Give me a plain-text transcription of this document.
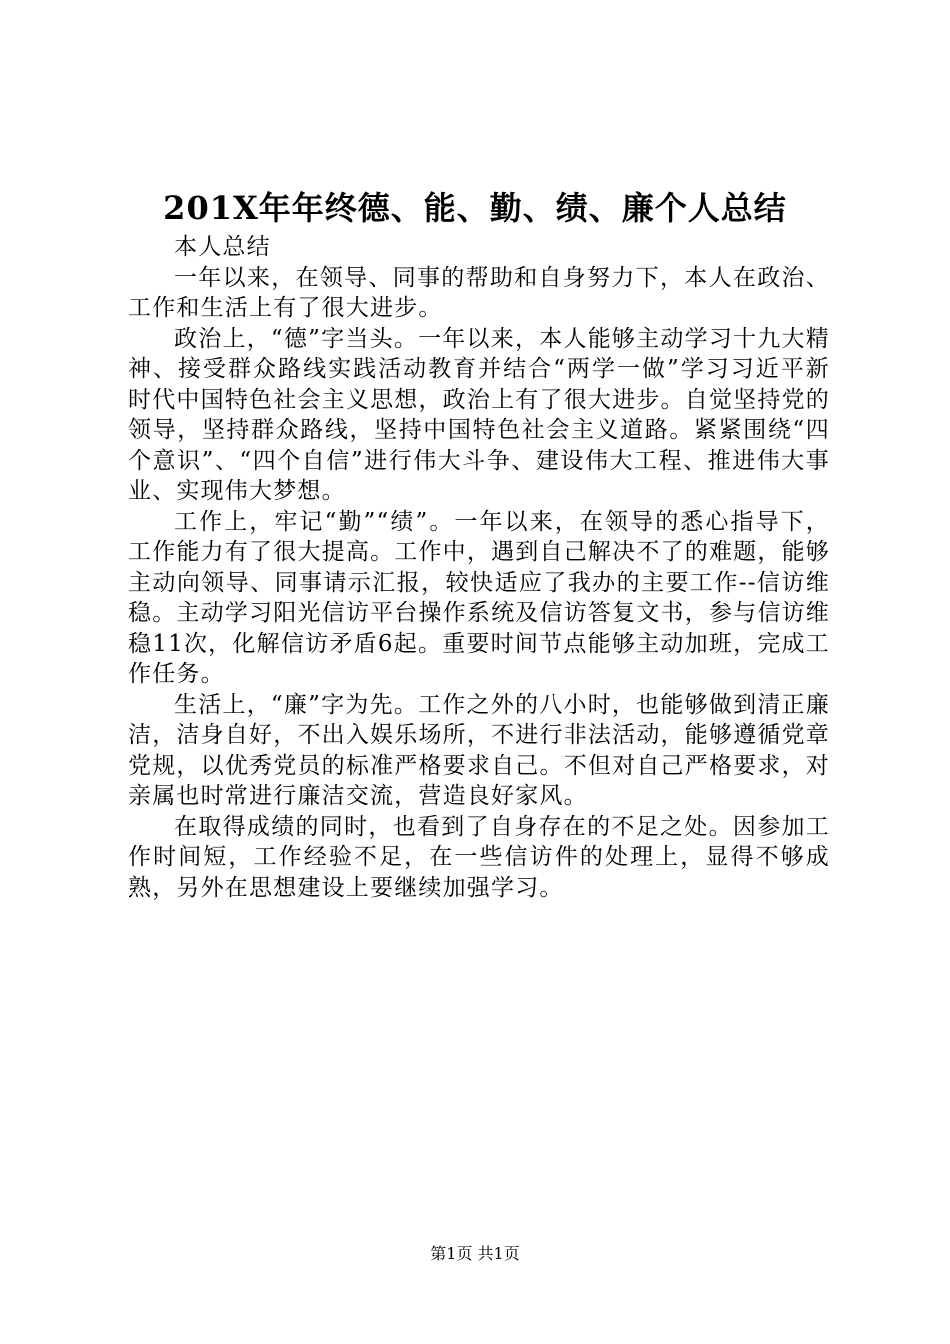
201X年年终德、能、勤、绩、廉个人总结

本人总结

一年以来，在领导、同事的帮助和自身努力下，本人在政治、工作和生活上有了很大进步。

政治上，“德”字当头。一年以来，本人能够主动学习十九大精神、接受群众路线实践活动教育并结合“两学一做”学习习近平新时代中国特色社会主义思想，政治上有了很大进步。自觉坚持党的领导，坚持群众路线，坚持中国特色社会主义道路。紧紧围绕“四个意识”、“四个自信”进行伟大斗争、建设伟大工程、推进伟大事业、实现伟大梦想。

工作上，牢记“勤”“绩”。一年以来，在领导的悉心指导下，工作能力有了很大提高。工作中，遇到自己解决不了的难题，能够主动向领导、同事请示汇报，较快适应了我办的主要工作--信访维稳。主动学习阳光信访平台操作系统及信访答复文书，参与信访维稳11次，化解信访矛盾6起。重要时间节点能够主动加班，完成工作任务。

生活上，“廉”字为先。工作之外的八小时，也能够做到清正廉洁，洁身自好，不出入娱乐场所，不进行非法活动，能够遵循党章党规，以优秀党员的标准严格要求自己。不但对自己严格要求，对亲属也时常进行廉洁交流，营造良好家风。

在取得成绩的同时，也看到了自身存在的不足之处。因参加工作时间短，工作经验不足，在一些信访件的处理上，显得不够成熟，另外在思想建设上要继续加强学习。

第1页 共1页
